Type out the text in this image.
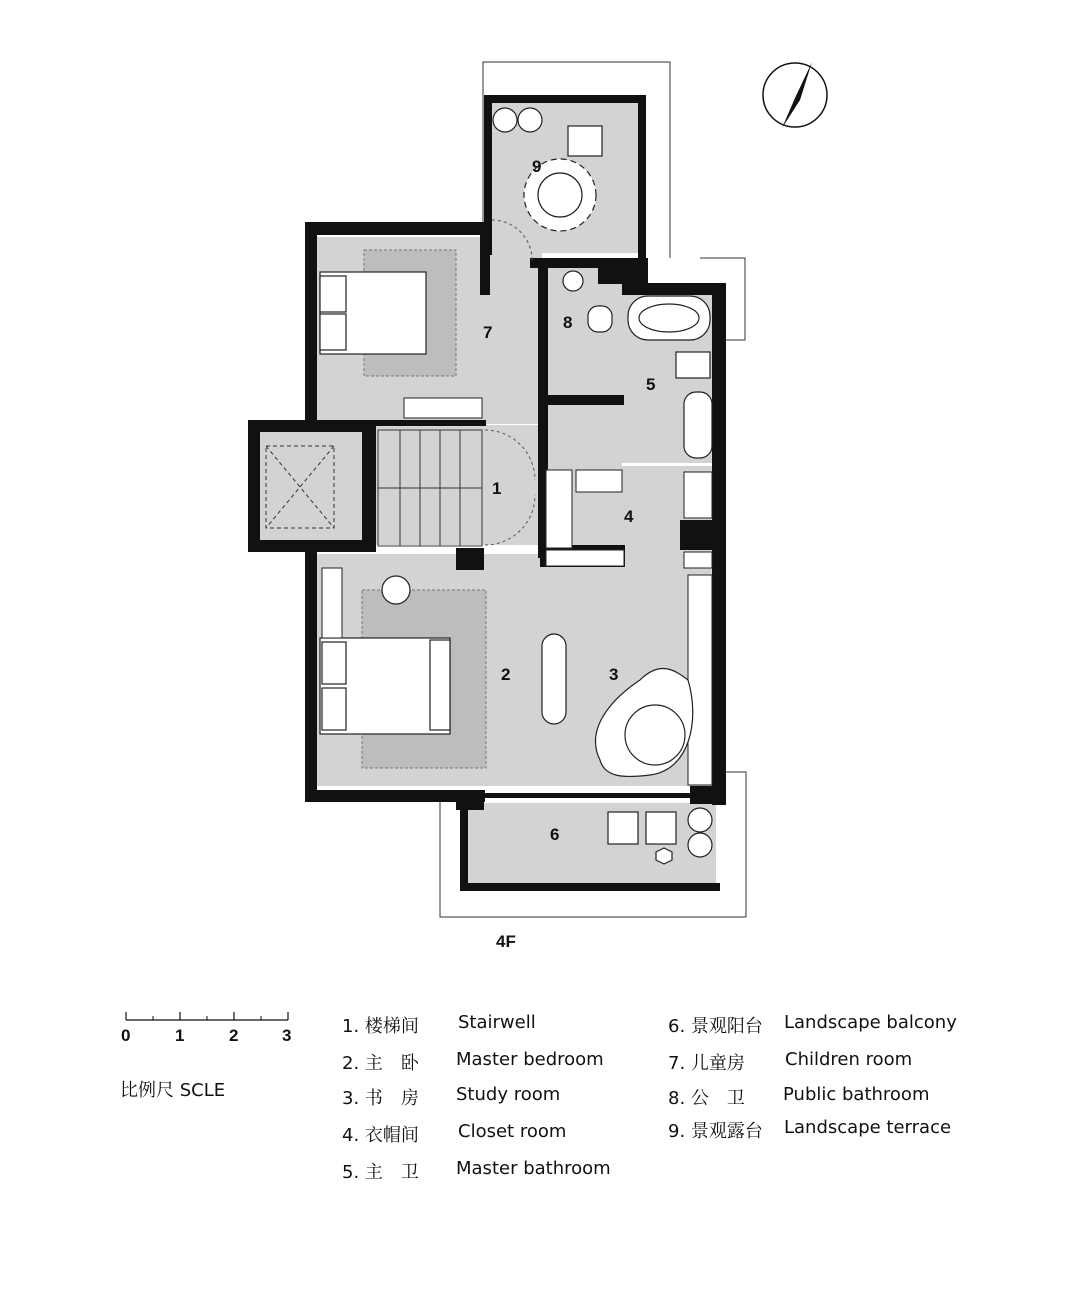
1
2	3
4
5
6
7
8
9
4F
0	1	2	3
比例尺 SCLE
1. 楼梯间 Stairwell
2. 主　卧 Master bedroom
3. 书　房 Study room
4. 衣帽间 Closet room
5. 主　卫 Master bathroom
6. 景观阳台 Landscape balcony
7. 儿童房 Children room
8. 公　卫 Public bathroom
9. 景观露台 Landscape terrace
